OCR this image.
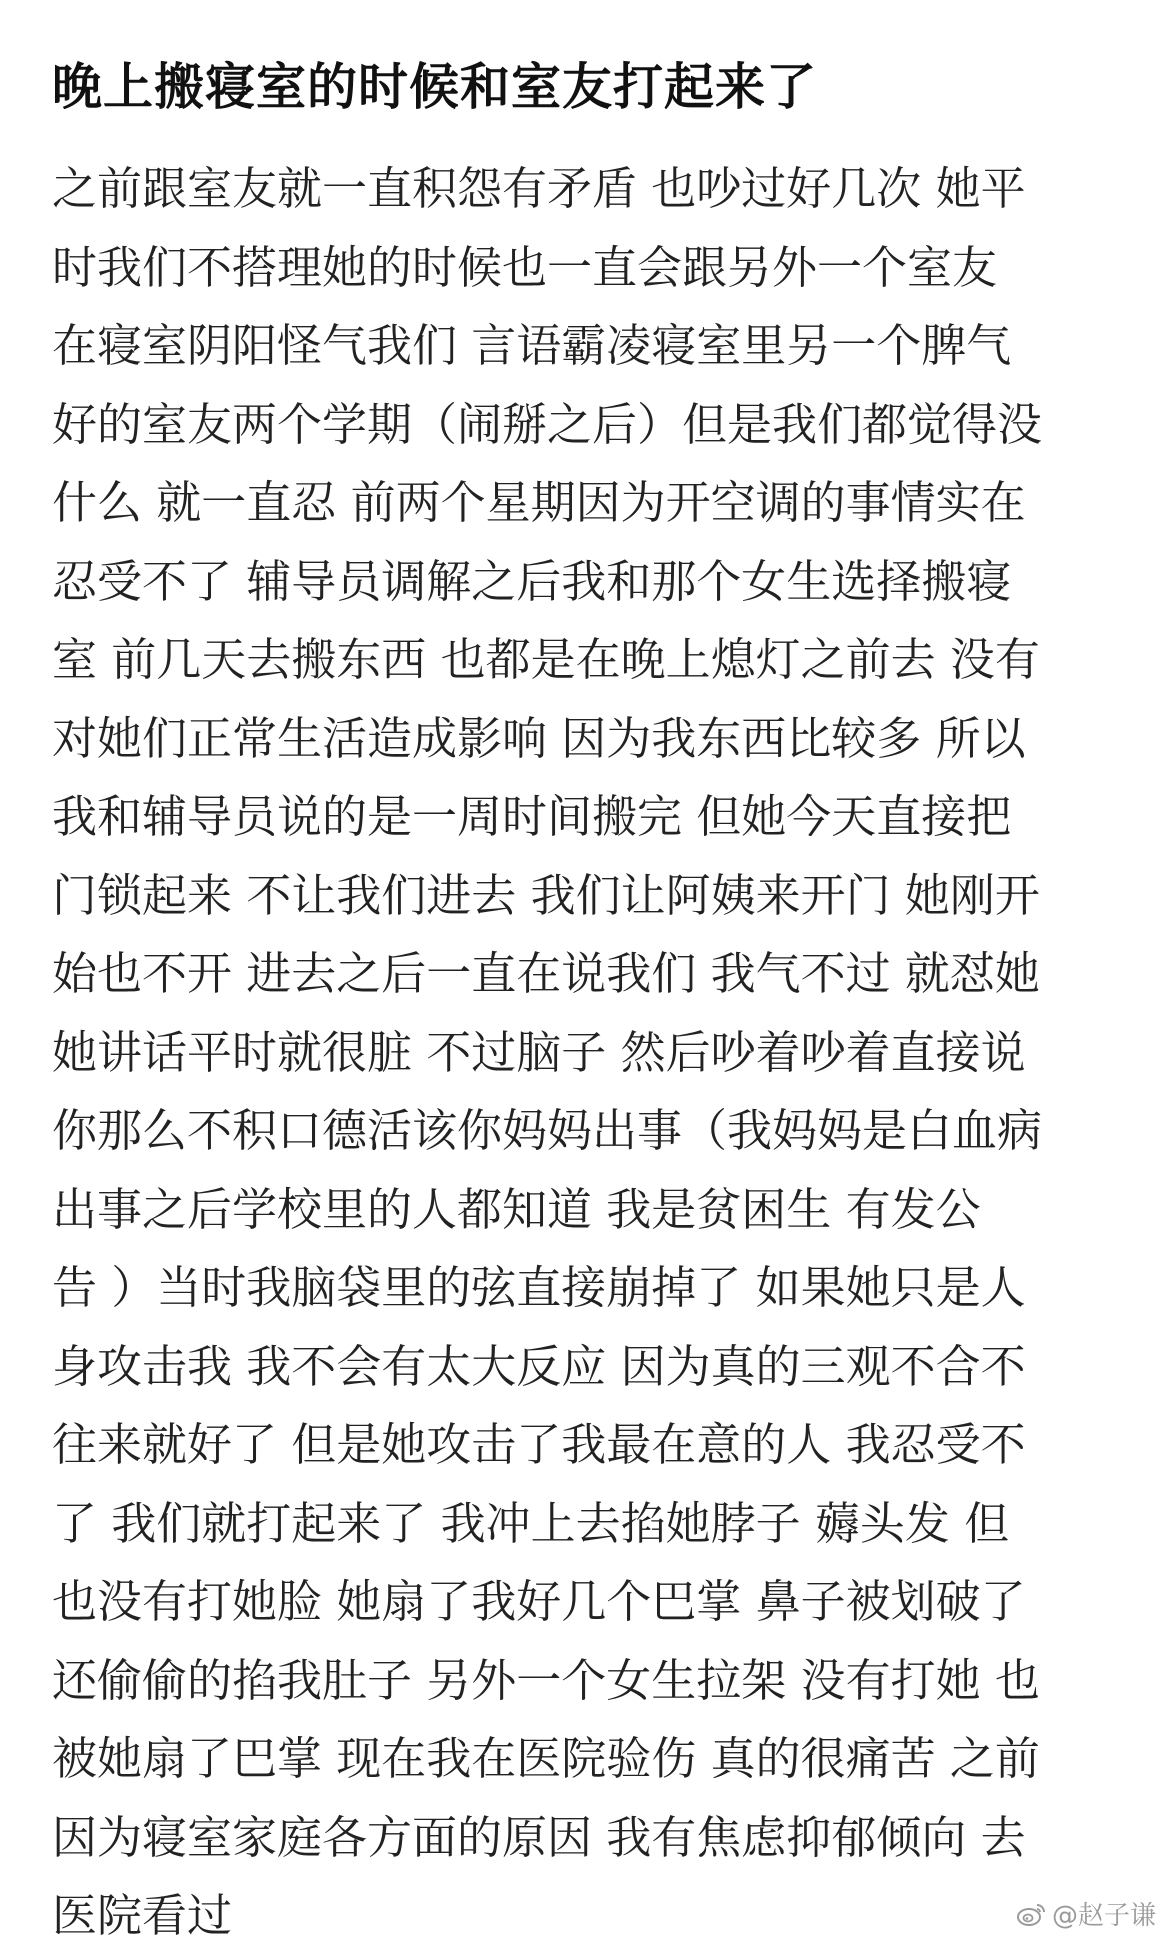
晚上搬寝室的时候和室友打起来了
之前跟室友就一直积怨有矛盾 也吵过好几次 她平
时我们不搭理她的时候也一直会跟另外一个室友
在寝室阴阳怪气我们 言语霸凌寝室里另一个脾气
好的室友两个学期（闹掰之后）但是我们都觉得没
什么 就一直忍 前两个星期因为开空调的事情实在
忍受不了 辅导员调解之后我和那个女生选择搬寝
室 前几天去搬东西 也都是在晚上熄灯之前去 没有
对她们正常生活造成影响 因为我东西比较多 所以
我和辅导员说的是一周时间搬完 但她今天直接把
门锁起来 不让我们进去 我们让阿姨来开门 她刚开
始也不开 进去之后一直在说我们 我气不过 就怼她
她讲话平时就很脏 不过脑子 然后吵着吵着直接说
你那么不积口德活该你妈妈出事（我妈妈是白血病
出事之后学校里的人都知道 我是贫困生 有发公
告 ）当时我脑袋里的弦直接崩掉了 如果她只是人
身攻击我 我不会有太大反应 因为真的三观不合不
往来就好了 但是她攻击了我最在意的人 我忍受不
了 我们就打起来了 我冲上去掐她脖子 薅头发 但
也没有打她脸 她扇了我好几个巴掌 鼻子被划破了
还偷偷的掐我肚子 另外一个女生拉架 没有打她 也
被她扇了巴掌 现在我在医院验伤 真的很痛苦 之前
因为寝室家庭各方面的原因 我有焦虑抑郁倾向 去
医院看过	@赵子谦
